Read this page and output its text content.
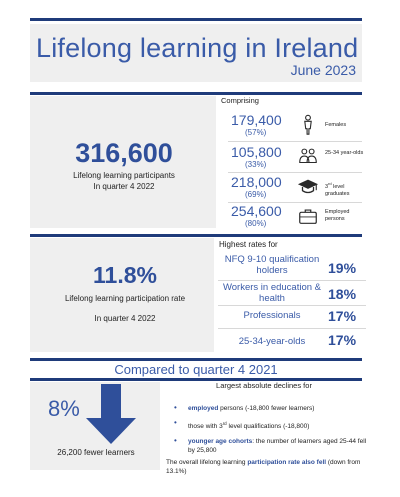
Lifelong learning in Ireland
June 2023
316,600
Lifelong learning participants
In quarter 4 2022
Comprising
179,400
(57%)
Females
105,800
(33%)
25-34 year-olds
218,000
(69%)
3rd level graduates
254,600
(80%)
Employed persons
11.8%
Lifelong learning participation rate
In quarter 4 2022
Highest rates for
NFQ 9-10 qualification holders	19%
Workers in education & health	18%
Professionals	17%
25-34-year-olds	17%
Compared to quarter 4 2021
8%
26,200 fewer learners
Largest absolute declines for
• employed persons (-18,800 fewer learners)
• those with 3rd level qualifications (-18,800)
• younger age cohorts: the number of learners aged 25-44 fell by 25,800
The overall lifelong learning participation rate also fell (down from 13.1%)
